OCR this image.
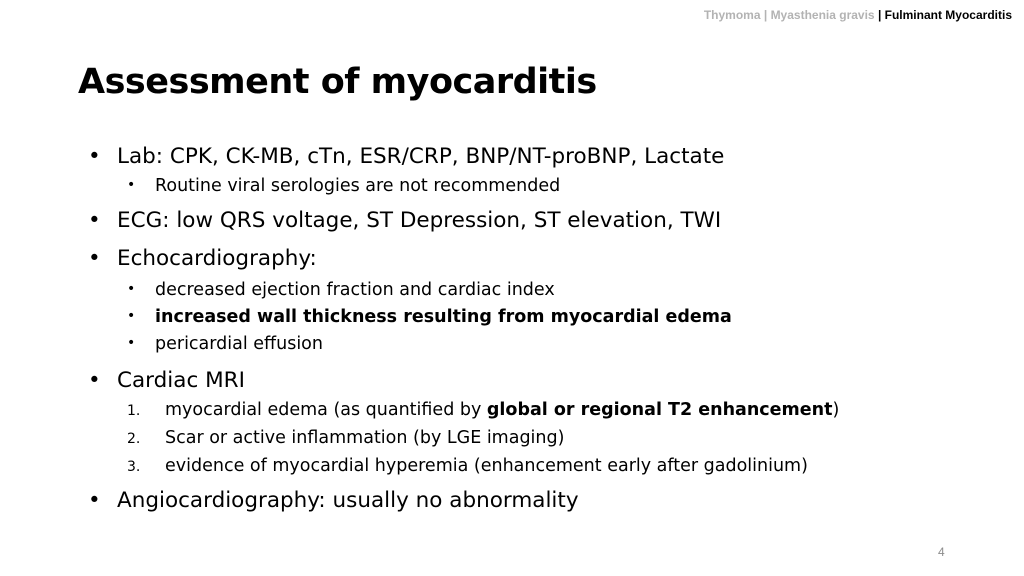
Thymoma | Myasthenia gravis | Fulminant Myocarditis
Assessment of myocarditis
• Lab: CPK, CK-MB, cTn, ESR/CRP, BNP/NT-proBNP, Lactate
• Routine viral serologies are not recommended
• ECG: low QRS voltage, ST Depression, ST elevation, TWI
• Echocardiography:
• decreased ejection fraction and cardiac index
• increased wall thickness resulting from myocardial edema
• pericardial effusion
• Cardiac MRI
1. myocardial edema (as quantified by global or regional T2 enhancement)
2. Scar or active inflammation (by LGE imaging)
3. evidence of myocardial hyperemia (enhancement early after gadolinium)
• Angiocardiography: usually no abnormality
4
